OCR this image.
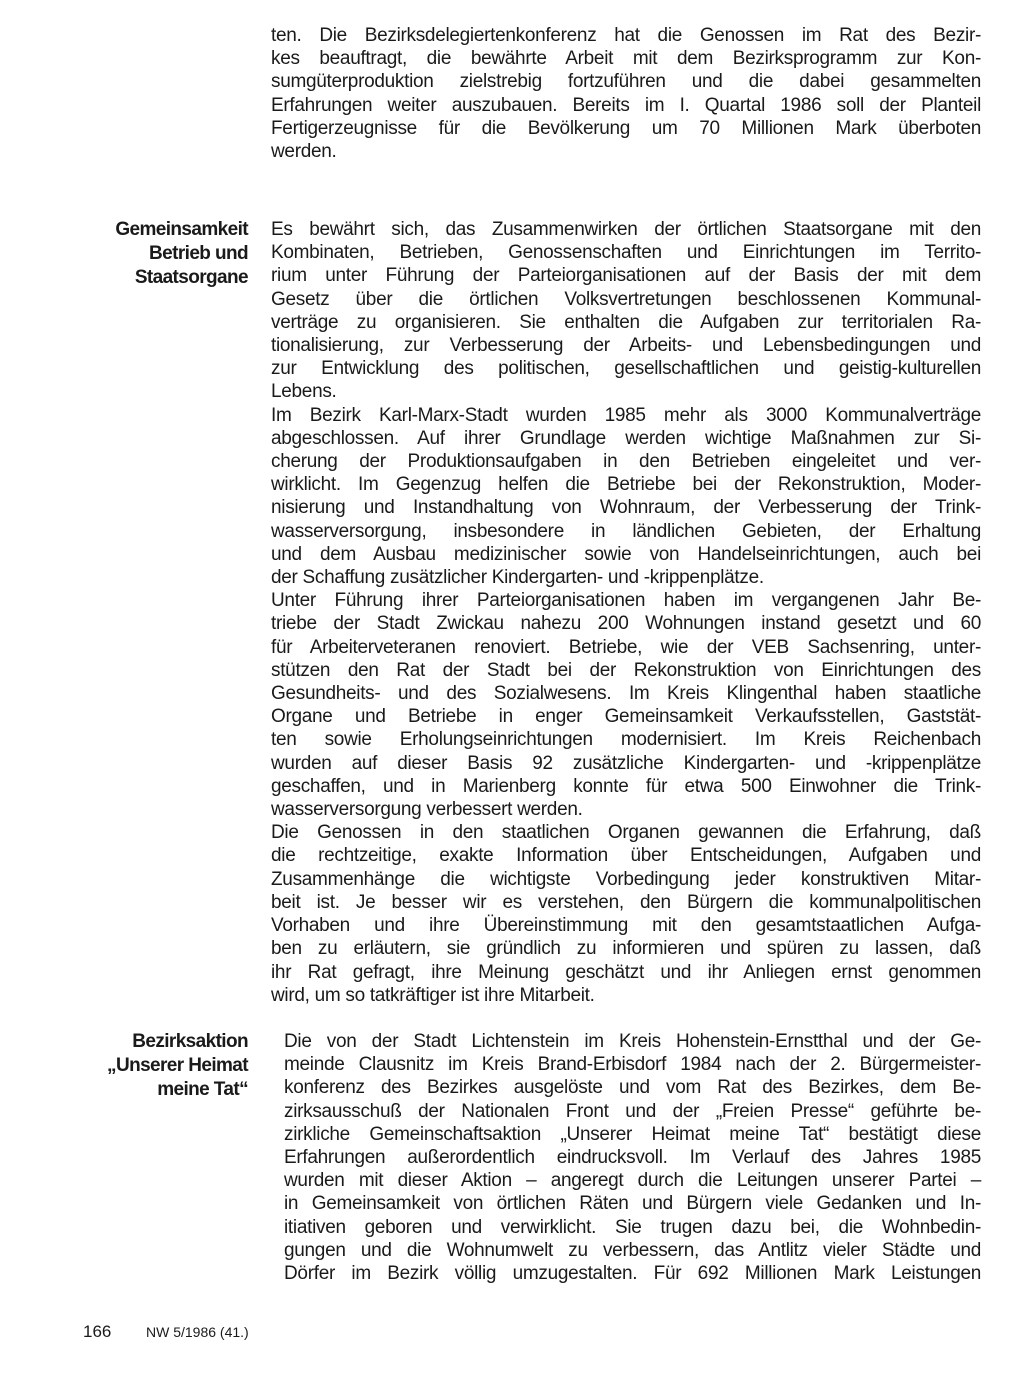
ten. Die Bezirksdelegiertenkonferenz hat die Genossen im Rat des Bezir-
kes beauftragt, die bewährte Arbeit mit dem Bezirksprogramm zur Kon-
sumgüterproduktion zielstrebig fortzuführen und die dabei gesammelten
Erfahrungen weiter auszubauen. Bereits im I. Quartal 1986 soll der Planteil
Fertigerzeugnisse für die Bevölkerung um 70 Millionen Mark überboten
werden.
Gemeinsamkeit
Betrieb und
Staatsorgane
Es bewährt sich, das Zusammenwirken der örtlichen Staatsorgane mit den
Kombinaten, Betrieben, Genossenschaften und Einrichtungen im Territo-
rium unter Führung der Parteiorganisationen auf der Basis der mit dem
Gesetz über die örtlichen Volksvertretungen beschlossenen Kommunal-
verträge zu organisieren. Sie enthalten die Aufgaben zur territorialen Ra-
tionalisierung, zur Verbesserung der Arbeits- und Lebensbedingungen und
zur Entwicklung des politischen, gesellschaftlichen und geistig-kulturellen
Lebens.
Im Bezirk Karl-Marx-Stadt wurden 1985 mehr als 3000 Kommunalverträge
abgeschlossen. Auf ihrer Grundlage werden wichtige Maßnahmen zur Si-
cherung der Produktionsaufgaben in den Betrieben eingeleitet und ver-
wirklicht. Im Gegenzug helfen die Betriebe bei der Rekonstruktion, Moder-
nisierung und Instandhaltung von Wohnraum, der Verbesserung der Trink-
wasserversorgung, insbesondere in ländlichen Gebieten, der Erhaltung
und dem Ausbau medizinischer sowie von Handelseinrichtungen, auch bei
der Schaffung zusätzlicher Kindergarten- und -krippenplätze.
Unter Führung ihrer Parteiorganisationen haben im vergangenen Jahr Be-
triebe der Stadt Zwickau nahezu 200 Wohnungen instand gesetzt und 60
für Arbeiterveteranen renoviert. Betriebe, wie der VEB Sachsenring, unter-
stützen den Rat der Stadt bei der Rekonstruktion von Einrichtungen des
Gesundheits- und des Sozialwesens. Im Kreis Klingenthal haben staatliche
Organe und Betriebe in enger Gemeinsamkeit Verkaufsstellen, Gaststät-
ten sowie Erholungseinrichtungen modernisiert. Im Kreis Reichenbach
wurden auf dieser Basis 92 zusätzliche Kindergarten- und -krippenplätze
geschaffen, und in Marienberg konnte für etwa 500 Einwohner die Trink-
wasserversorgung verbessert werden.
Die Genossen in den staatlichen Organen gewannen die Erfahrung, daß
die rechtzeitige, exakte Information über Entscheidungen, Aufgaben und
Zusammenhänge die wichtigste Vorbedingung jeder konstruktiven Mitar-
beit ist. Je besser wir es verstehen, den Bürgern die kommunalpolitischen
Vorhaben und ihre Übereinstimmung mit den gesamtstaatlichen Aufga-
ben zu erläutern, sie gründlich zu informieren und spüren zu lassen, daß
ihr Rat gefragt, ihre Meinung geschätzt und ihr Anliegen ernst genommen
wird, um so tatkräftiger ist ihre Mitarbeit.
Bezirksaktion
„Unserer Heimat
meine Tat“
Die von der Stadt Lichtenstein im Kreis Hohenstein-Ernstthal und der Ge-
meinde Clausnitz im Kreis Brand-Erbisdorf 1984 nach der 2. Bürgermeister-
konferenz des Bezirkes ausgelöste und vom Rat des Bezirkes, dem Be-
zirksausschuß der Nationalen Front und der „Freien Presse“ geführte be-
zirkliche Gemeinschaftsaktion „Unserer Heimat meine Tat“ bestätigt diese
Erfahrungen außerordentlich eindrucksvoll. Im Verlauf des Jahres 1985
wurden mit dieser Aktion – angeregt durch die Leitungen unserer Partei –
in Gemeinsamkeit von örtlichen Räten und Bürgern viele Gedanken und In-
itiativen geboren und verwirklicht. Sie trugen dazu bei, die Wohnbedin-
gungen und die Wohnumwelt zu verbessern, das Antlitz vieler Städte und
Dörfer im Bezirk völlig umzugestalten. Für 692 Millionen Mark Leistungen
166 NW 5/1986 (41.)
